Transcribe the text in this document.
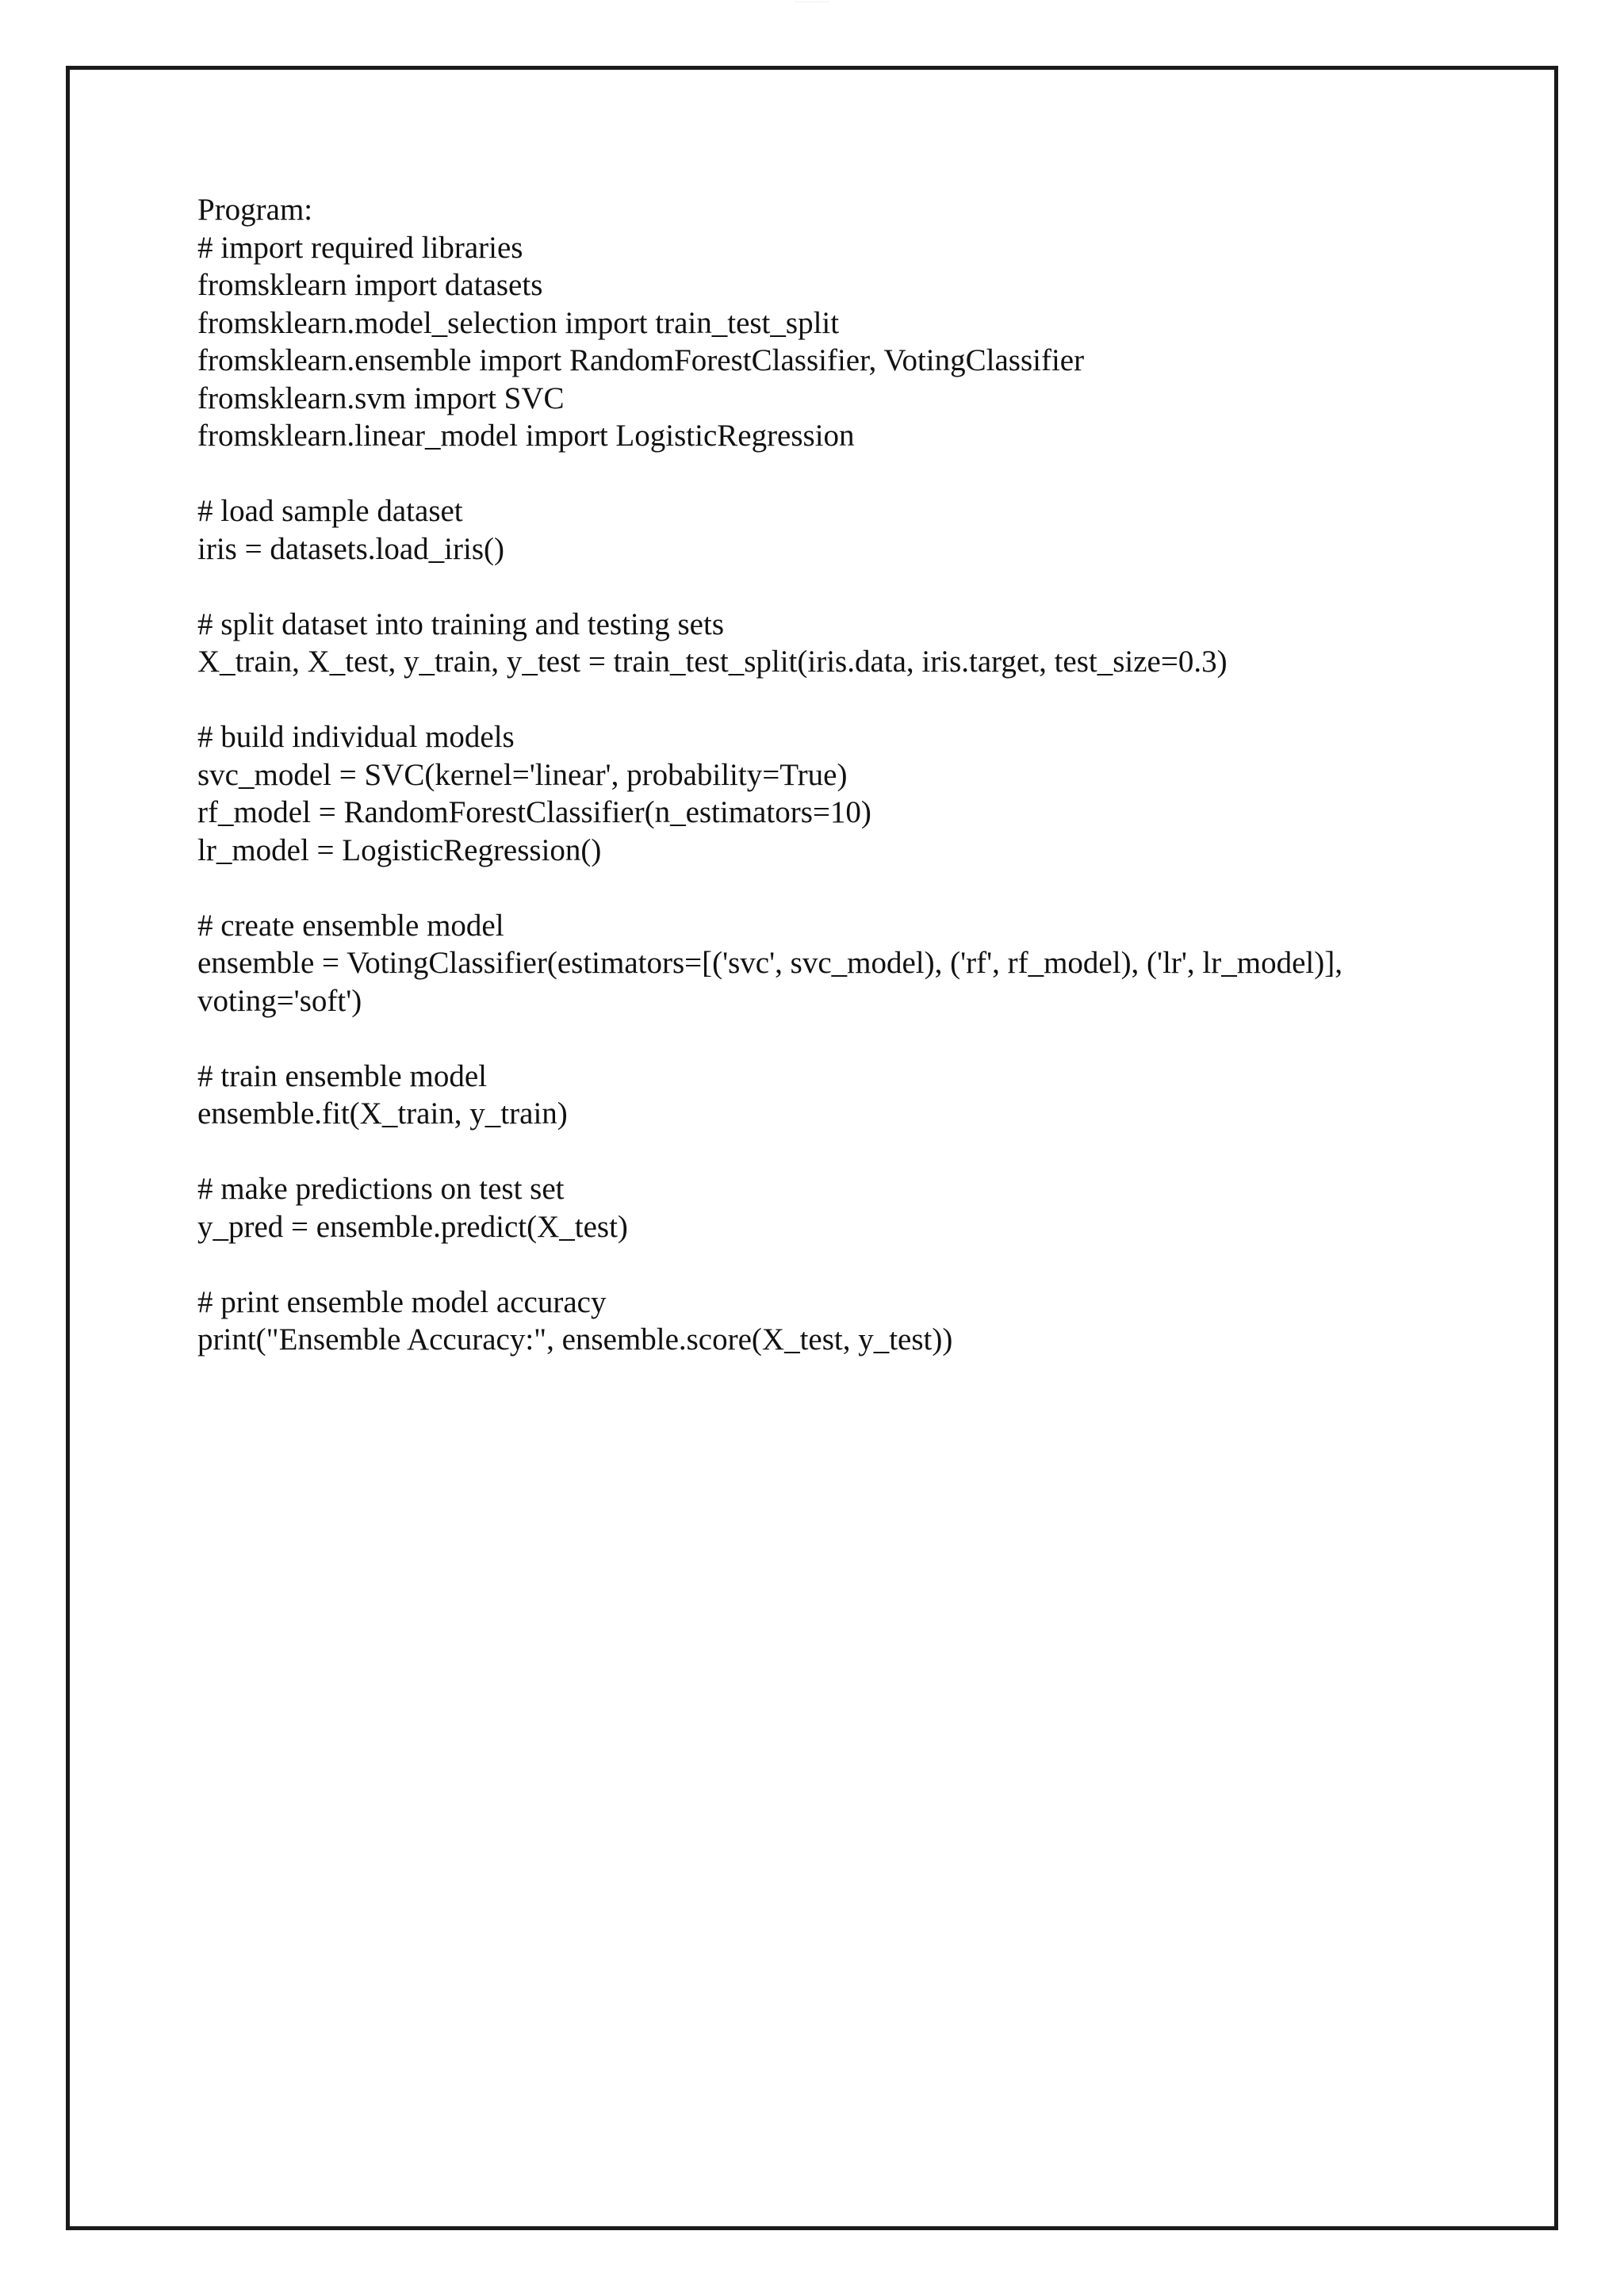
·································

Program:

# import required libraries

fromsklearn import datasets

fromsklearn.model_selection import train_test_split

fromsklearn.ensemble import RandomForestClassifier, VotingClassifier

fromsklearn.svm import SVC

fromsklearn.linear_model import LogisticRegression

# load sample dataset

iris = datasets.load_iris()

# split dataset into training and testing sets

X_train, X_test, y_train, y_test = train_test_split(iris.data, iris.target, test_size=0.3)

# build individual models

svc_model = SVC(kernel='linear', probability=True)

rf_model = RandomForestClassifier(n_estimators=10)

lr_model = LogisticRegression()

# create ensemble model

ensemble = VotingClassifier(estimators=[('svc', svc_model), ('rf', rf_model), ('lr', lr_model)],

voting='soft')

# train ensemble model

ensemble.fit(X_train, y_train)

# make predictions on test set

y_pred = ensemble.predict(X_test)

# print ensemble model accuracy

print("Ensemble Accuracy:", ensemble.score(X_test, y_test))
